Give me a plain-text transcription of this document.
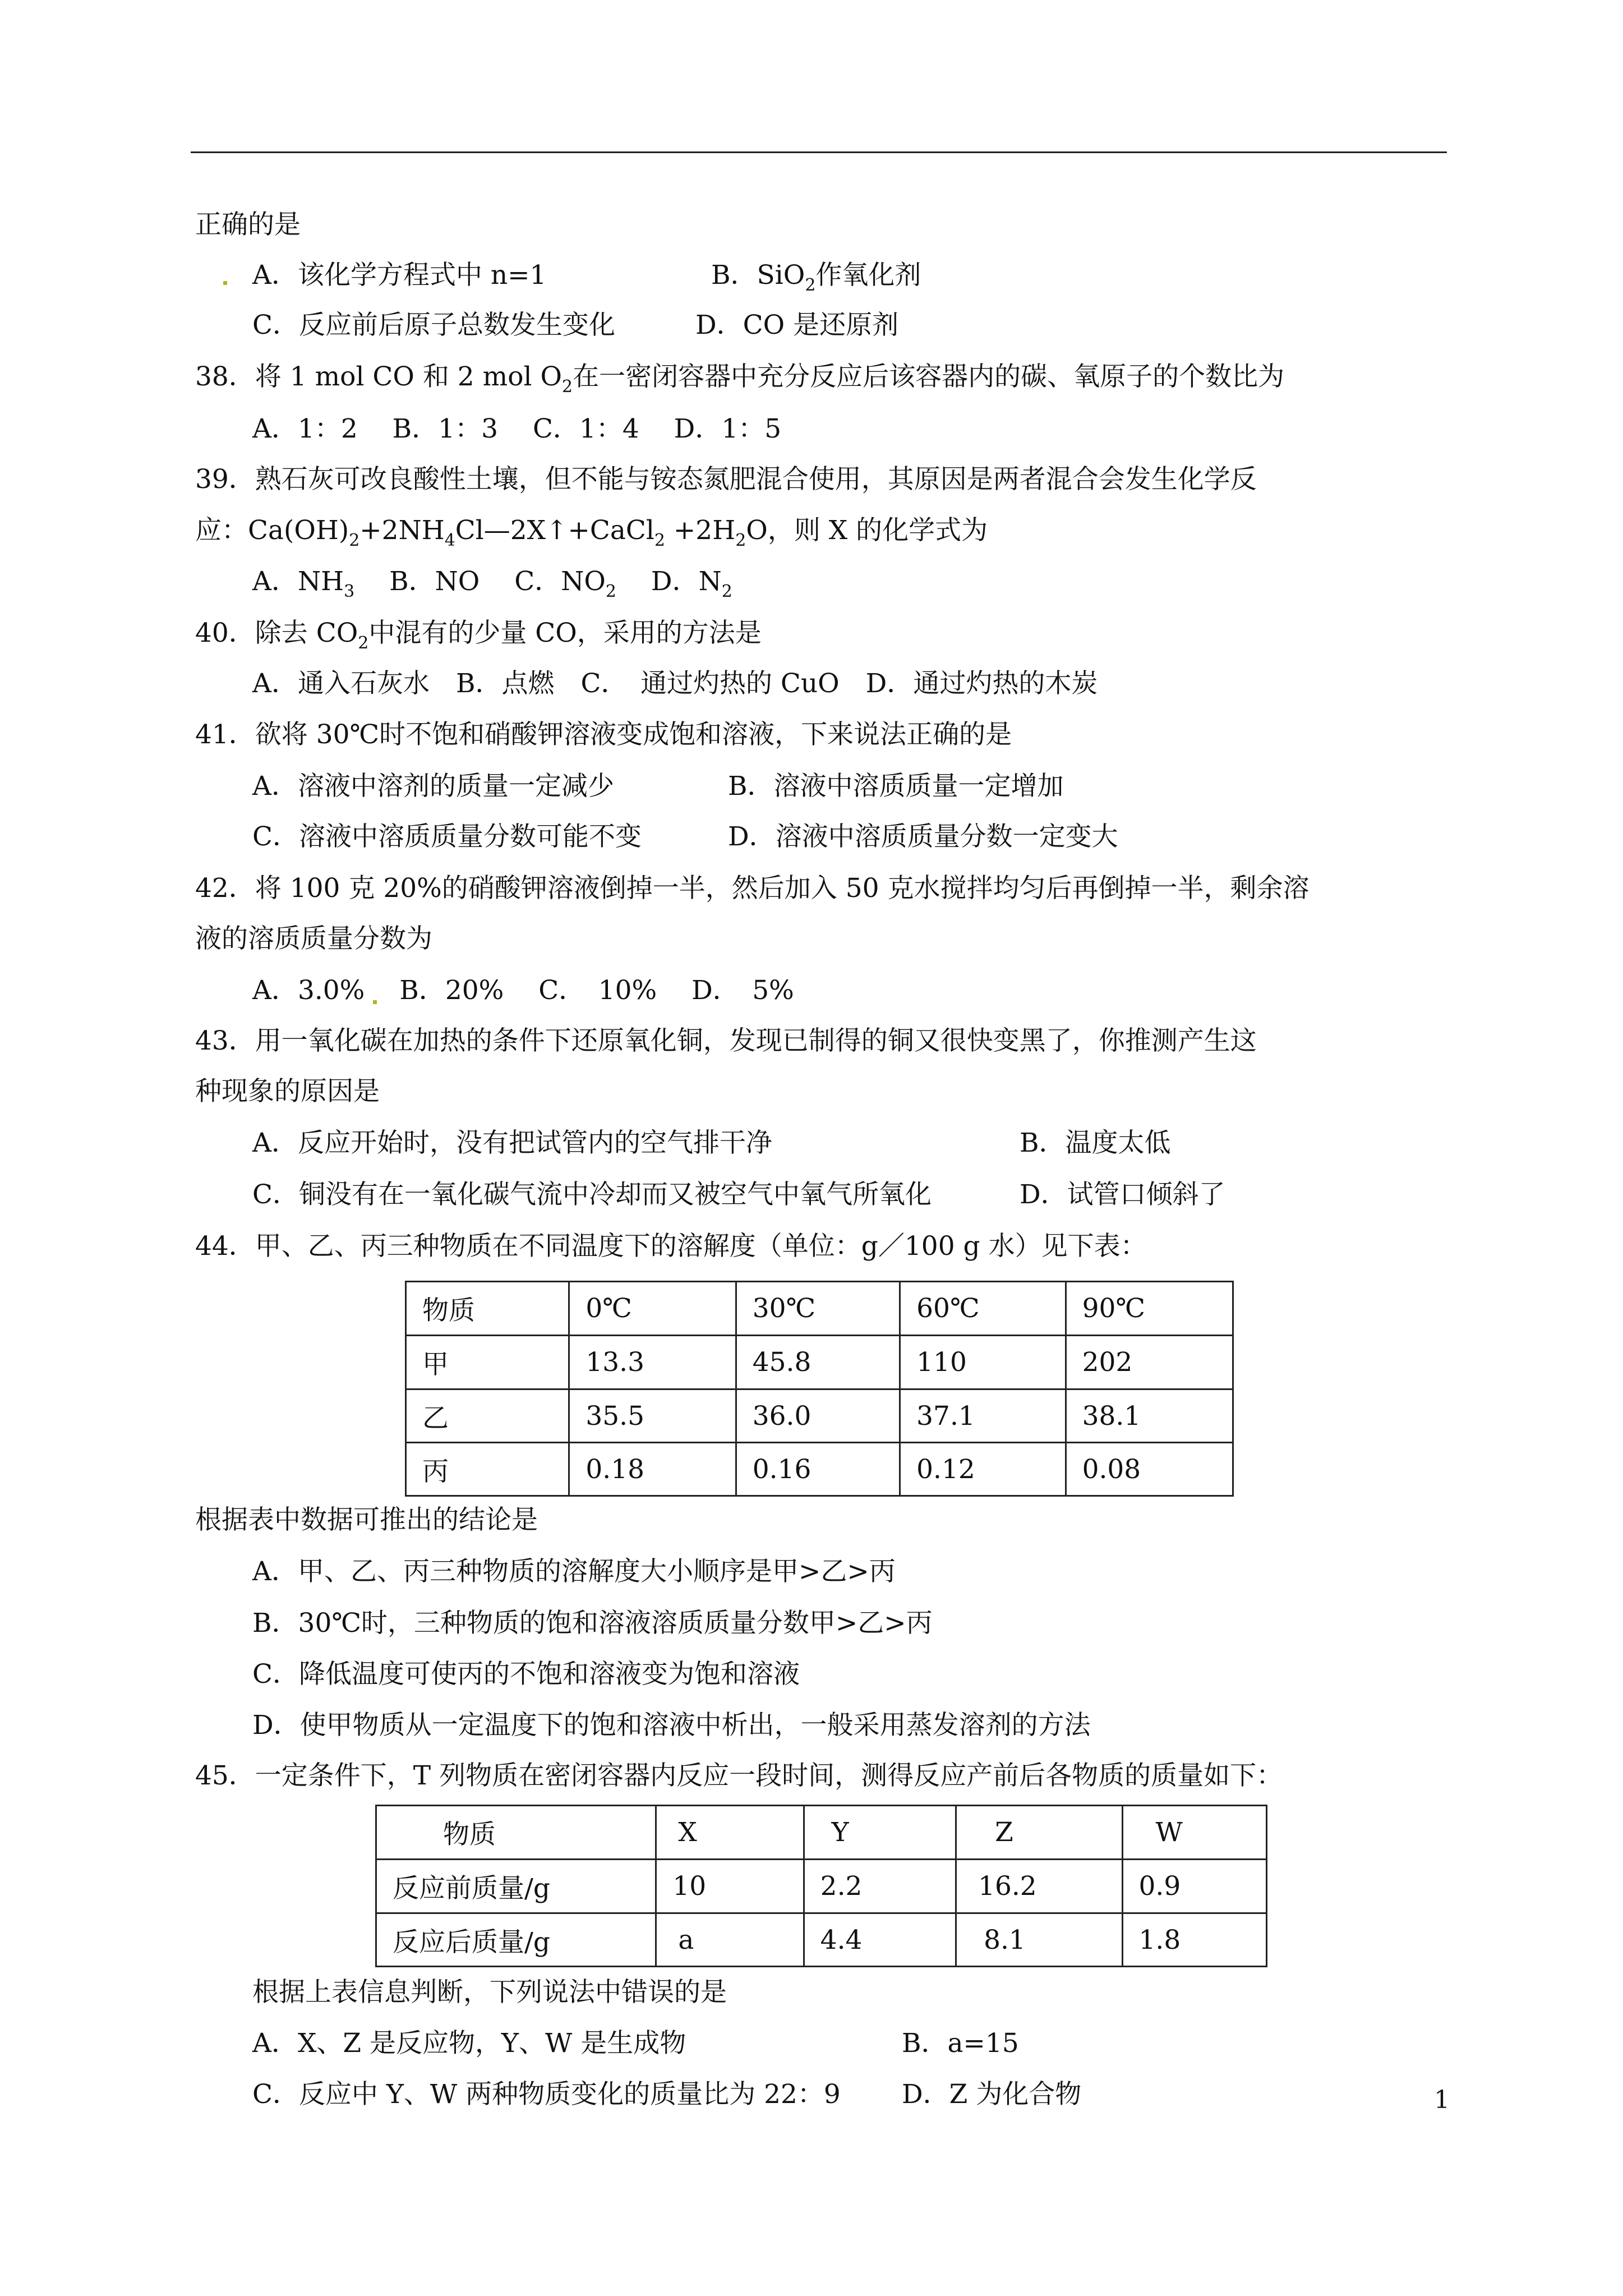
正确的是
A．该化学方程式中 n=1	B．SiO$_2$作氧化剂
C．反应前后原子总数发生变化	D．CO 是还原剂
38．将 1 mol CO 和 2 mol $O_2$在一密闭容器中充分反应后该容器内的碳、氧原子的个数比为
A．1：2　 B．1：3　 C．1：4　 D．1：5
39．熟石灰可改良酸性土壤，但不能与铵态氮肥混合使用，其原因是两者混合会发生化学反
应：$Ca(OH)_2+2NH_4Cl—2X↑+CaCl_2 +2H_2O$，则 X 的化学式为
A．$NH_3$　 B．NO　 C．$NO_2$　 D．$N_2$
40．除去 $CO_2$中混有的少量 CO，采用的方法是
A．通入石灰水　B．点燃　C．　通过灼热的 CuO　D．通过灼热的木炭
41．欲将 30℃时不饱和硝酸钾溶液变成饱和溶液，下来说法正确的是
A．溶液中溶剂的质量一定减少	B．溶液中溶质质量一定增加
C．溶液中溶质质量分数可能不变	D．溶液中溶质质量分数一定变大
42．将 100 克 20%的硝酸钾溶液倒掉一半，然后加入 50 克水搅拌均匀后再倒掉一半，剩余溶
液的溶质质量分数为
A．3.0%　 B．20%　 C．　10%　 D．　5%
43．用一氧化碳在加热的条件下还原氧化铜，发现已制得的铜又很快变黑了，你推测产生这
种现象的原因是
A．反应开始时，没有把试管内的空气排干净	B．温度太低
C．铜没有在一氧化碳气流中冷却而又被空气中氧气所氧化	D．试管口倾斜了
44．甲、乙、丙三种物质在不同温度下的溶解度（单位：g／100 g 水）见下表：
物质	0℃	30℃	60℃	90℃
甲	13.3	45.8	110	202
乙	35.5	36.0	37.1	38.1
丙	0.18	0.16	0.12	0.08
根据表中数据可推出的结论是
A．甲、乙、丙三种物质的溶解度大小顺序是甲>乙>丙
B．30℃时，三种物质的饱和溶液溶质质量分数甲>乙>丙
C．降低温度可使丙的不饱和溶液变为饱和溶液
D．使甲物质从一定温度下的饱和溶液中析出，一般采用蒸发溶剂的方法
45．一定条件下，T 列物质在密闭容器内反应一段时间，测得反应产前后各物质的质量如下：
物质	X	Y	Z	W
反应前质量/g	10	2.2	16.2	0.9
反应后质量/g	a	4.4	8.1	1.8
根据上表信息判断，下列说法中错误的是
A．X、Z 是反应物，Y、W 是生成物	B．a=15
C．反应中 Y、W 两种物质变化的质量比为 22：9 D．Z 为化合物	1
